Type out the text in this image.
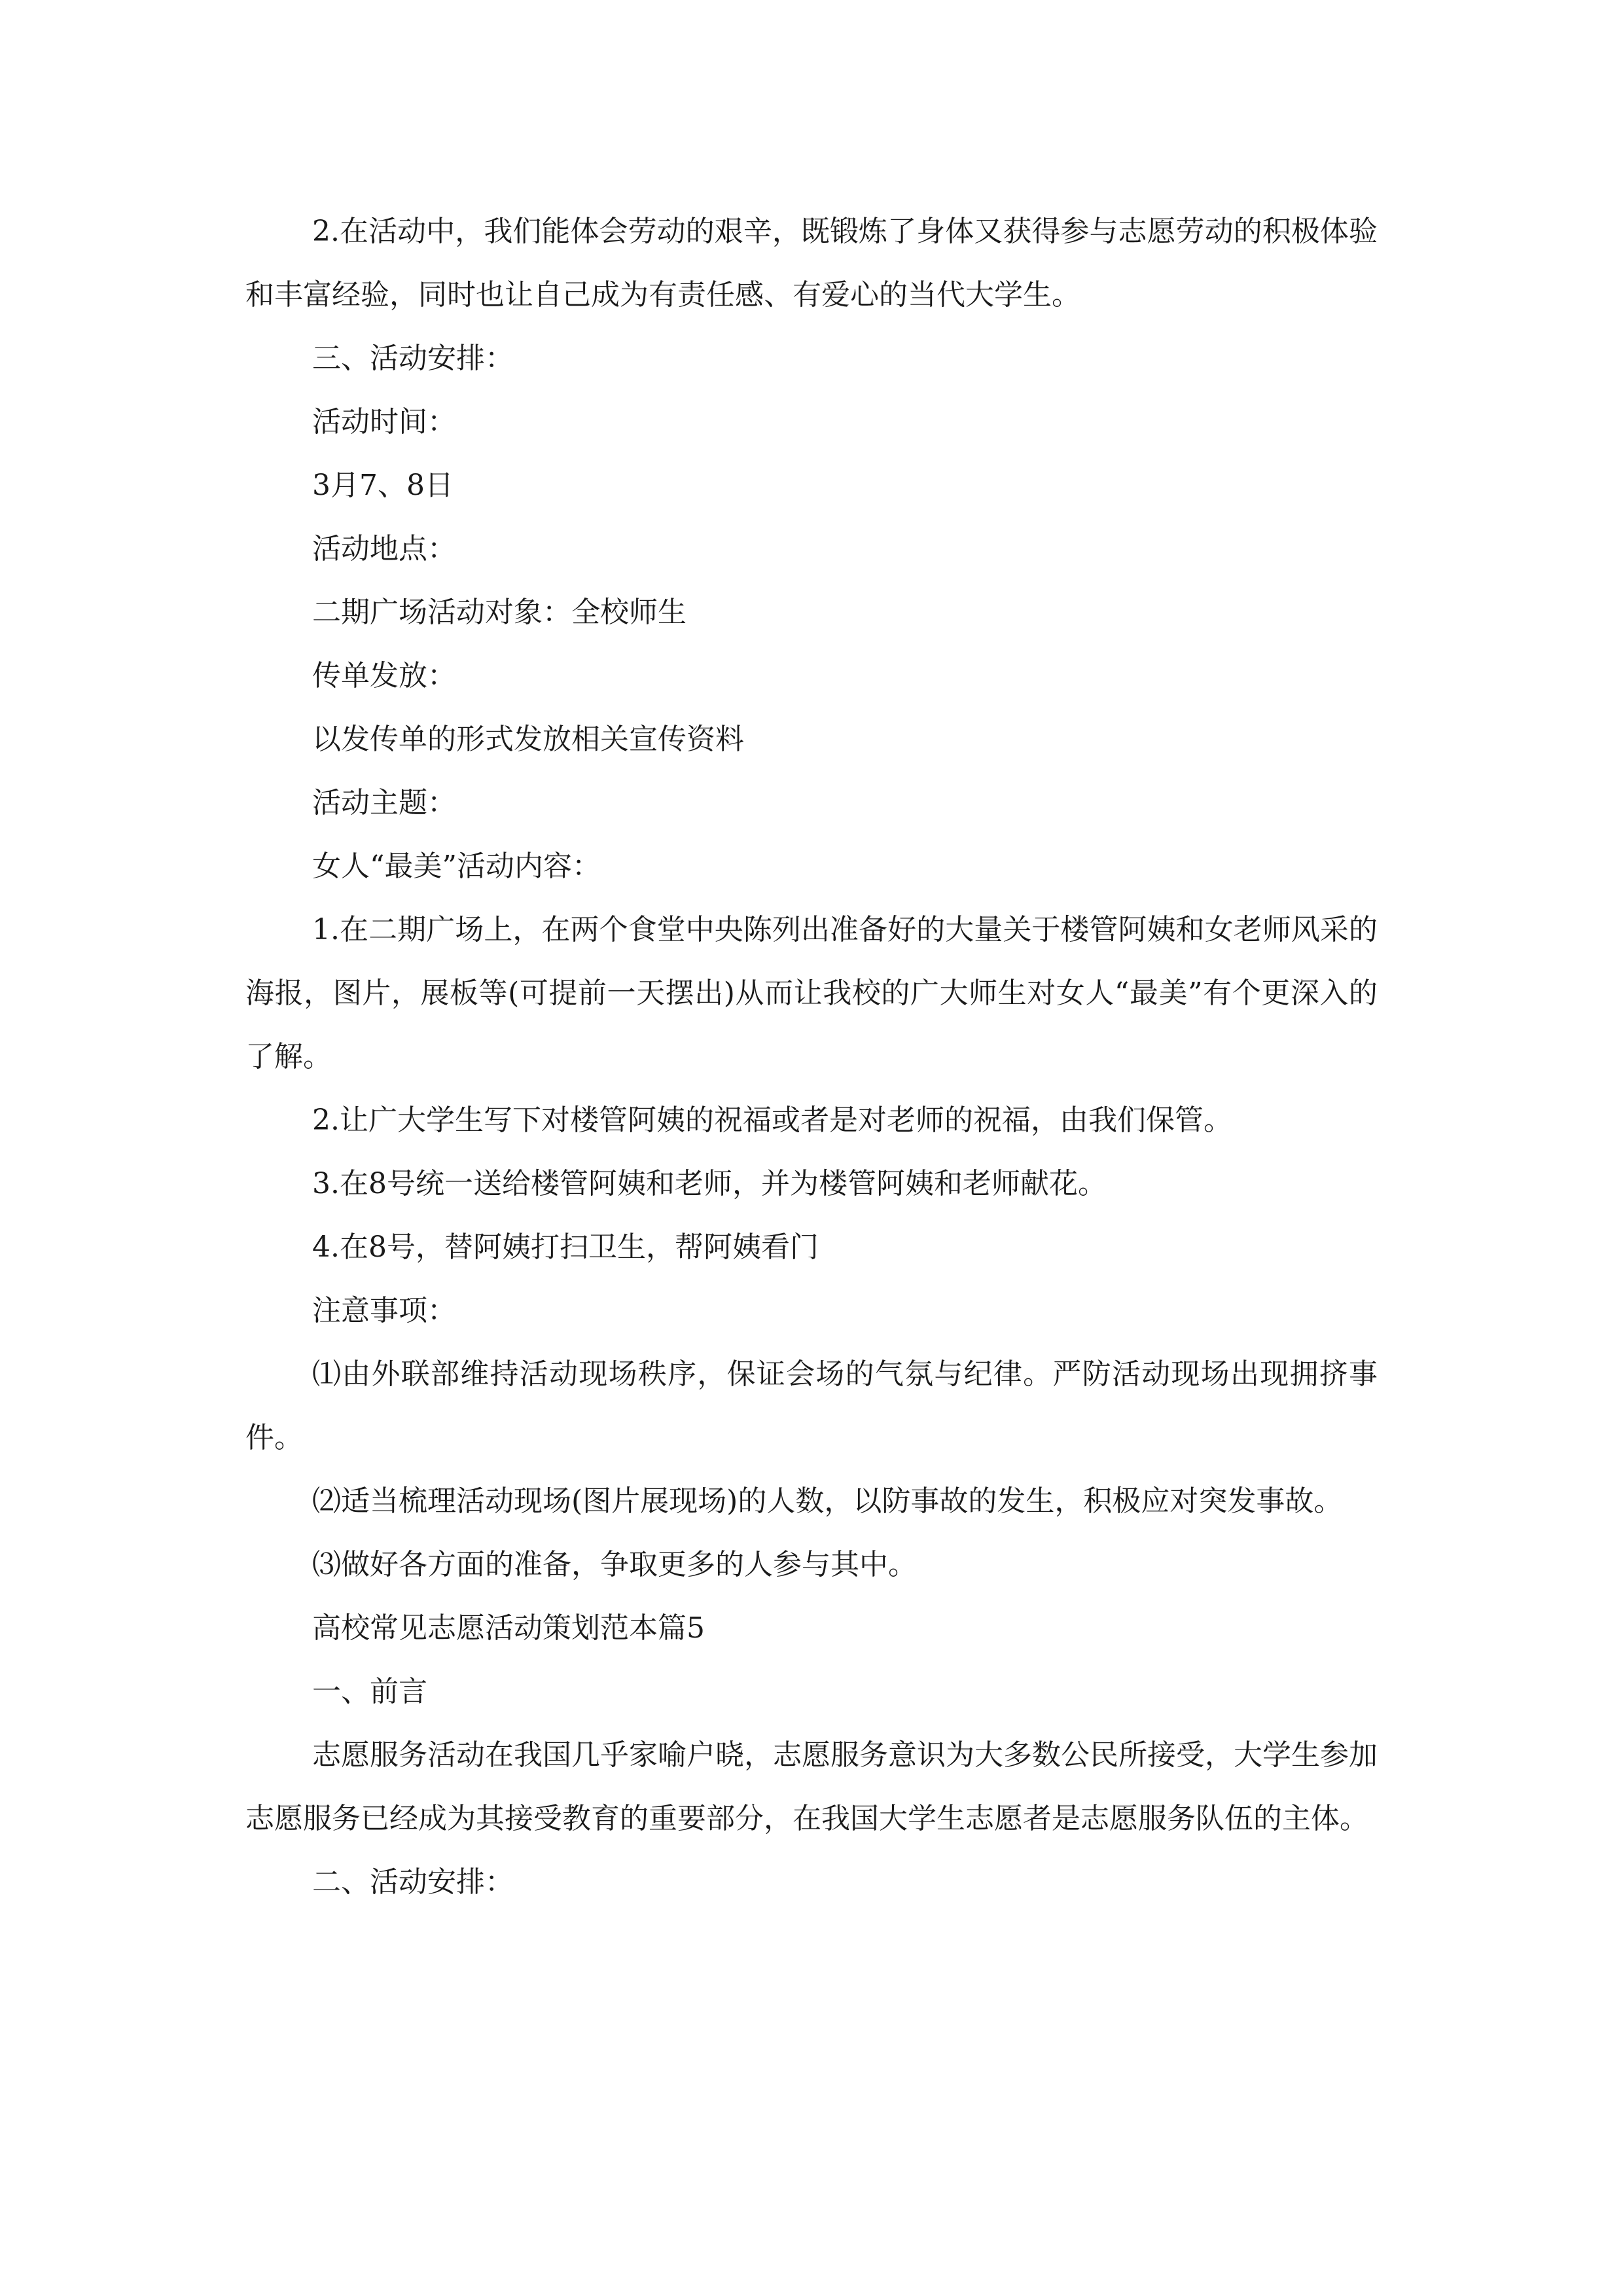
2.在活动中，我们能体会劳动的艰辛，既锻炼了身体又获得参与志愿劳动的积极体验和丰富经验，同时也让自己成为有责任感、有爱心的当代大学生。

三、活动安排：

活动时间：

3月7、8日

活动地点：

二期广场活动对象：全校师生

传单发放：

以发传单的形式发放相关宣传资料

活动主题：

女人“最美”活动内容：

1.在二期广场上，在两个食堂中央陈列出准备好的大量关于楼管阿姨和女老师风采的海报，图片，展板等(可提前一天摆出)从而让我校的广大师生对女人“最美”有个更深入的了解。

2.让广大学生写下对楼管阿姨的祝福或者是对老师的祝福，由我们保管。

3.在8号统一送给楼管阿姨和老师，并为楼管阿姨和老师献花。

4.在8号，替阿姨打扫卫生，帮阿姨看门

注意事项：

⑴由外联部维持活动现场秩序，保证会场的气氛与纪律。严防活动现场出现拥挤事件。

⑵适当梳理活动现场(图片展现场)的人数，以防事故的发生，积极应对突发事故。

⑶做好各方面的准备，争取更多的人参与其中。

高校常见志愿活动策划范本篇5

一、前言

志愿服务活动在我国几乎家喻户晓，志愿服务意识为大多数公民所接受，大学生参加志愿服务已经成为其接受教育的重要部分，在我国大学生志愿者是志愿服务队伍的主体。

二、活动安排：
